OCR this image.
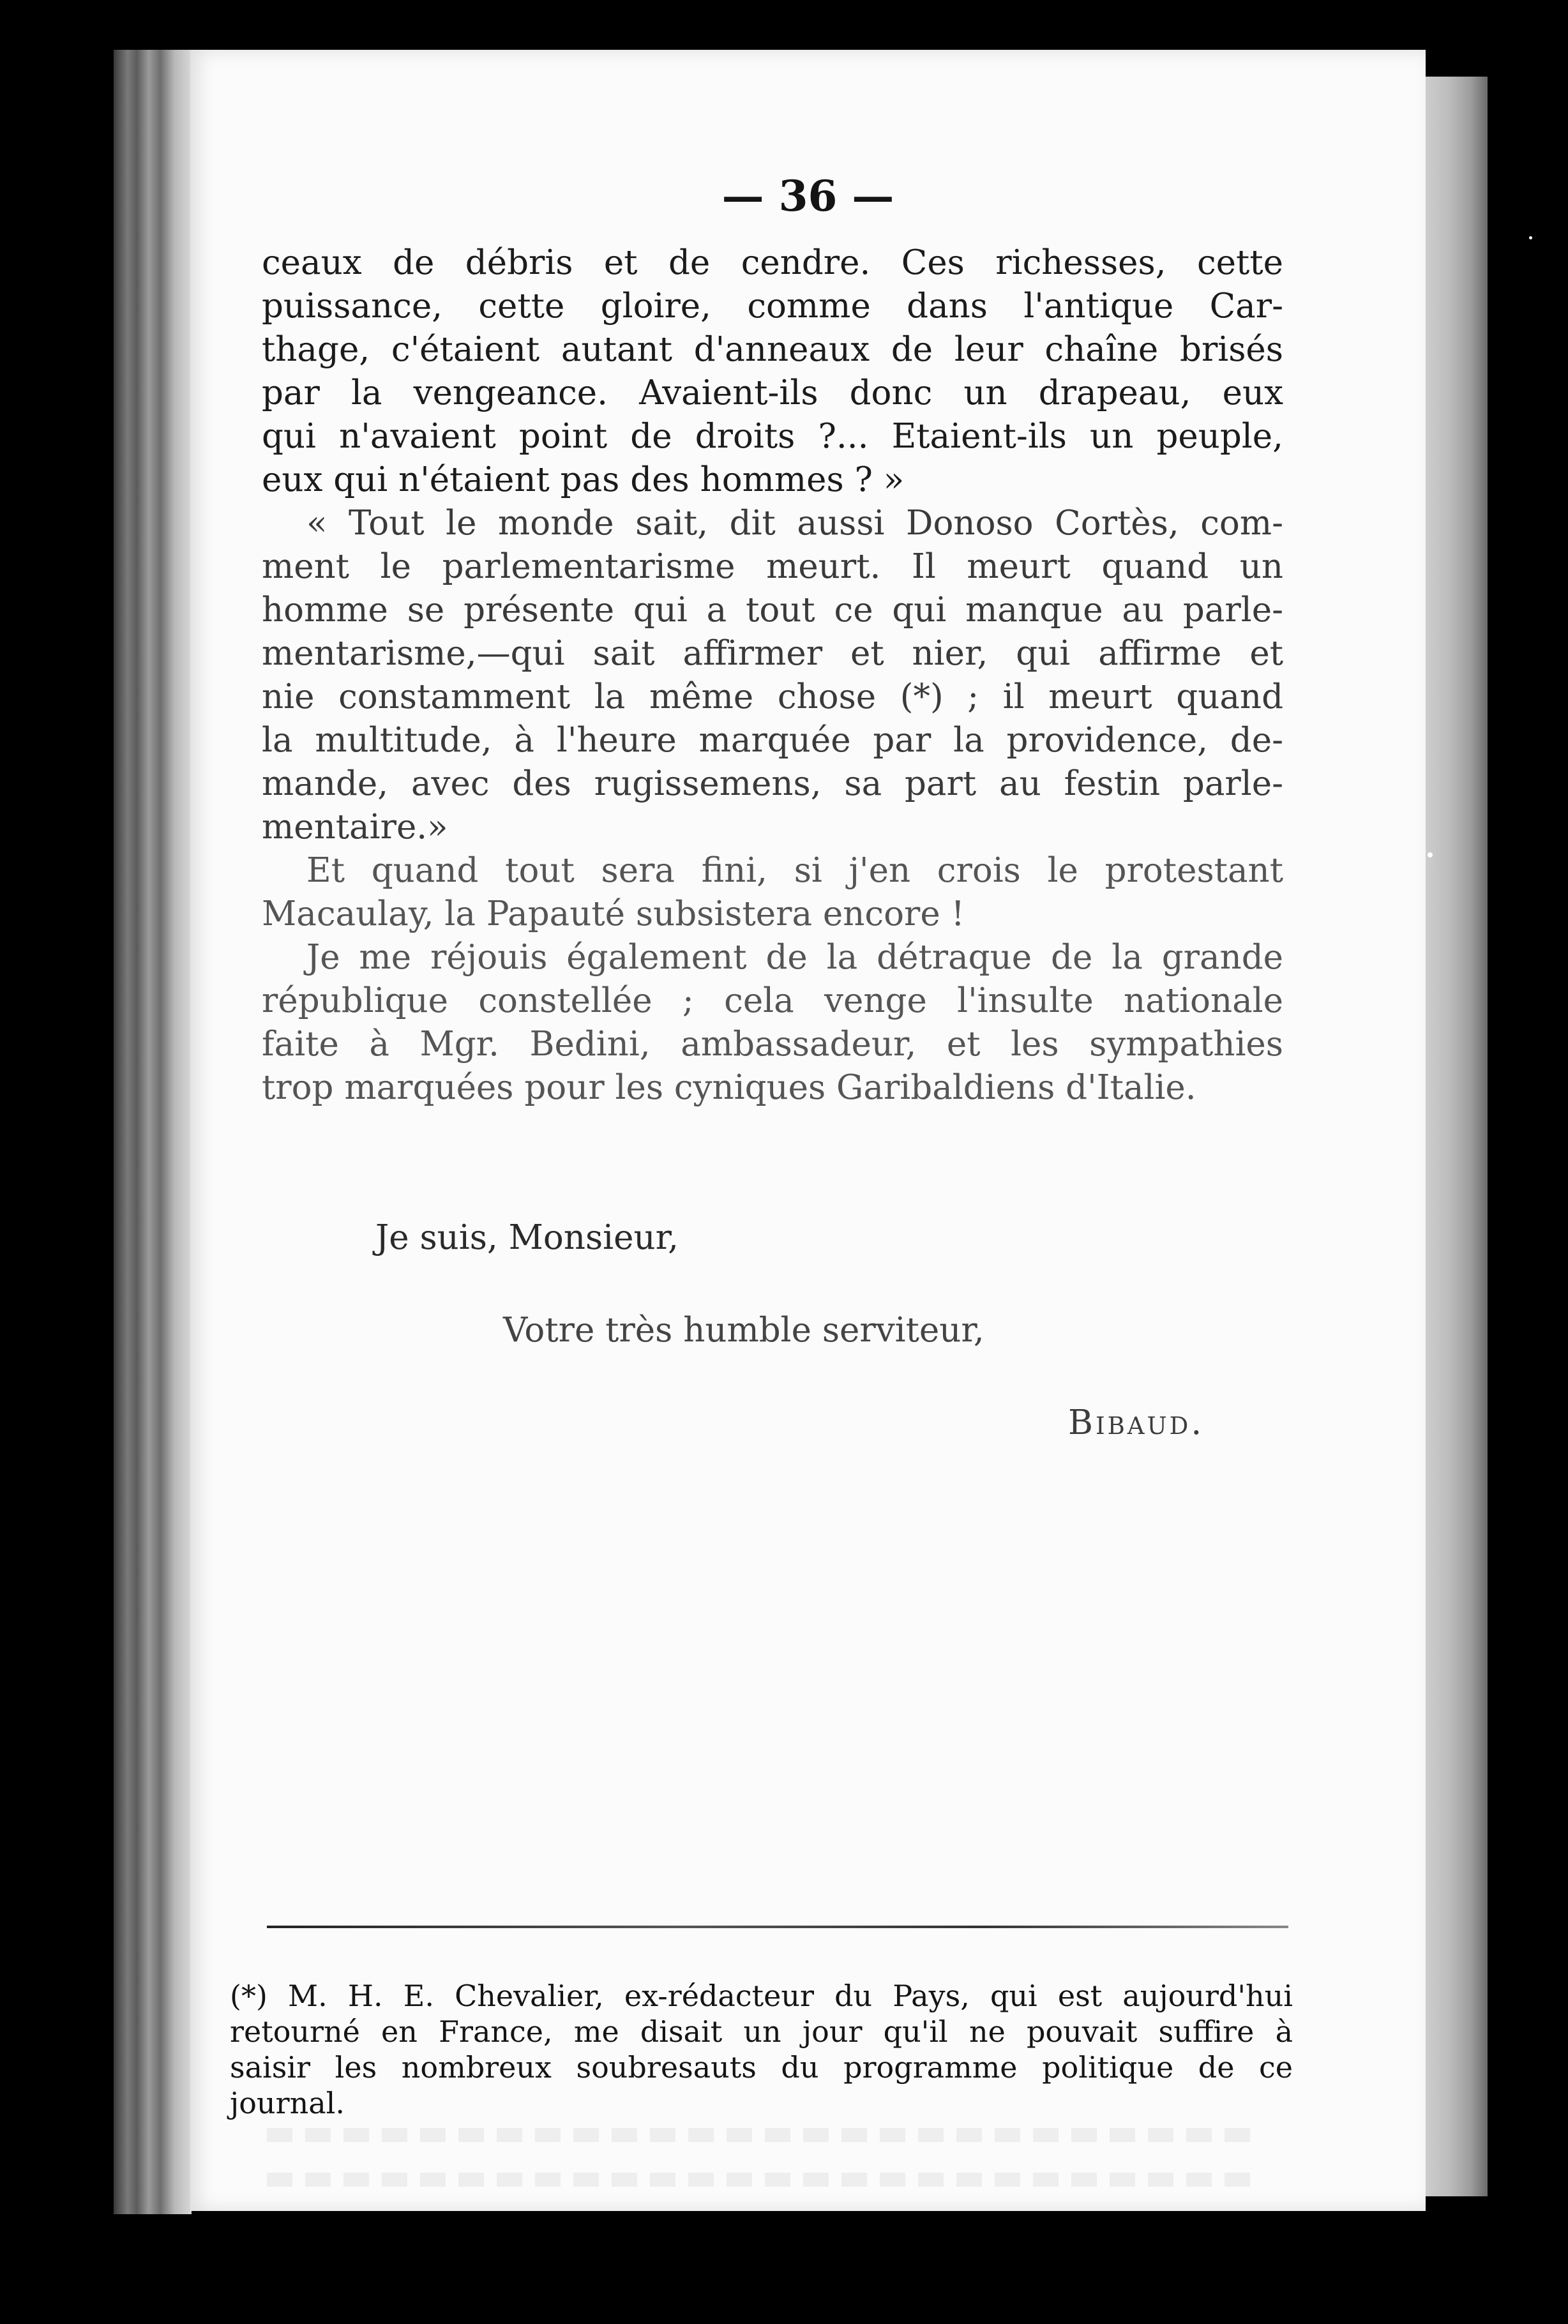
— 36 —
ceaux de débris et de cendre. Ces richesses, cette
puissance, cette gloire, comme dans l'antique Car-
thage, c'étaient autant d'anneaux de leur chaîne brisés
par la vengeance. Avaient-ils donc un drapeau, eux
qui n'avaient point de droits ?... Etaient-ils un peuple,
eux qui n'étaient pas des hommes ? »
« Tout le monde sait, dit aussi Donoso Cortès, com-
ment le parlementarisme meurt. Il meurt quand un
homme se présente qui a tout ce qui manque au parle-
mentarisme,—qui sait affirmer et nier, qui affirme et
nie constamment la même chose (*) ; il meurt quand
la multitude, à l'heure marquée par la providence, de-
mande, avec des rugissemens, sa part au festin parle-
mentaire.»
Et quand tout sera fini, si j'en crois le protestant
Macaulay, la Papauté subsistera encore !
Je me réjouis également de la détraque de la grande
république constellée ; cela venge l'insulte nationale
faite à Mgr. Bedini, ambassadeur, et les sympathies
trop marquées pour les cyniques Garibaldiens d'Italie.
Je suis, Monsieur,
Votre très humble serviteur,
Bibaud.
(*) M. H. E. Chevalier, ex-rédacteur du Pays, qui est aujourd'hui
retourné en France, me disait un jour qu'il ne pouvait suffire à
saisir les nombreux soubresauts du programme politique de ce
journal.
